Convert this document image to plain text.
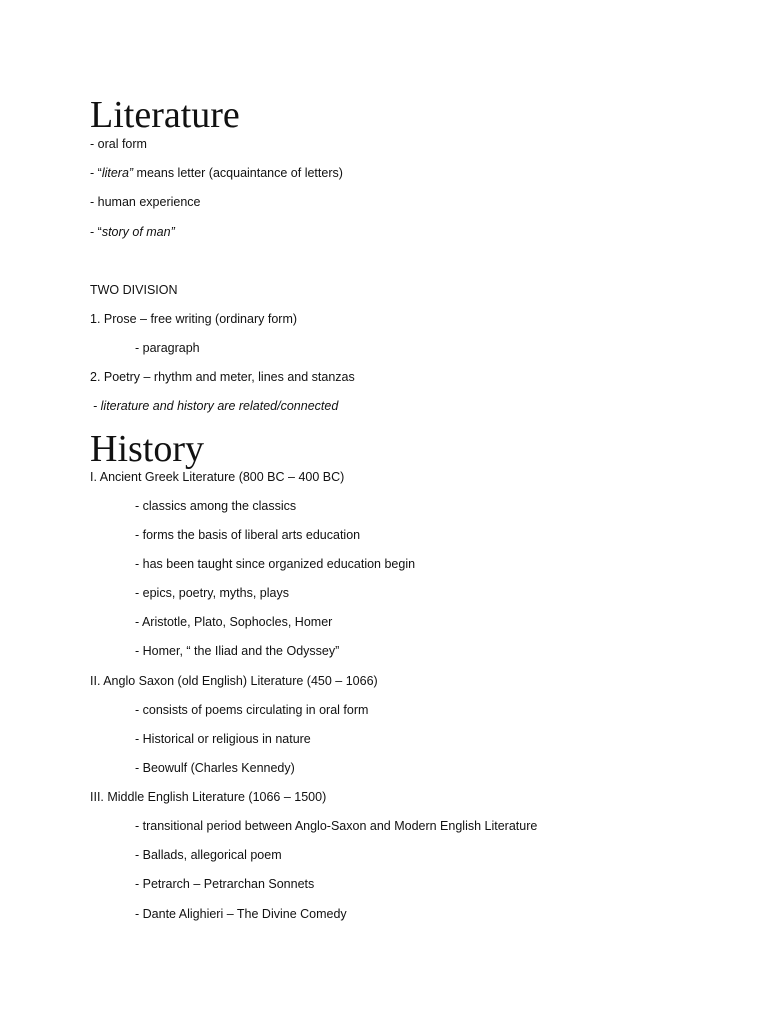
Literature
- oral form
- “litera” means letter (acquaintance of letters)
- human experience
- “story of man”
TWO DIVISION
1. Prose – free writing (ordinary form)
- paragraph
2. Poetry – rhythm and meter, lines and stanzas
- literature and history are related/connected
History
I. Ancient Greek Literature (800 BC – 400 BC)
- classics among the classics
- forms the basis of liberal arts education
- has been taught since organized education begin
- epics, poetry, myths, plays
- Aristotle, Plato, Sophocles, Homer
- Homer, “ the Iliad and the Odyssey”
II. Anglo Saxon (old English) Literature (450 – 1066)
- consists of poems circulating in oral form
- Historical or religious in nature
- Beowulf (Charles Kennedy)
III. Middle English Literature (1066 – 1500)
- transitional period between Anglo-Saxon and Modern English Literature
- Ballads, allegorical poem
- Petrarch – Petrarchan Sonnets
- Dante Alighieri – The Divine Comedy
